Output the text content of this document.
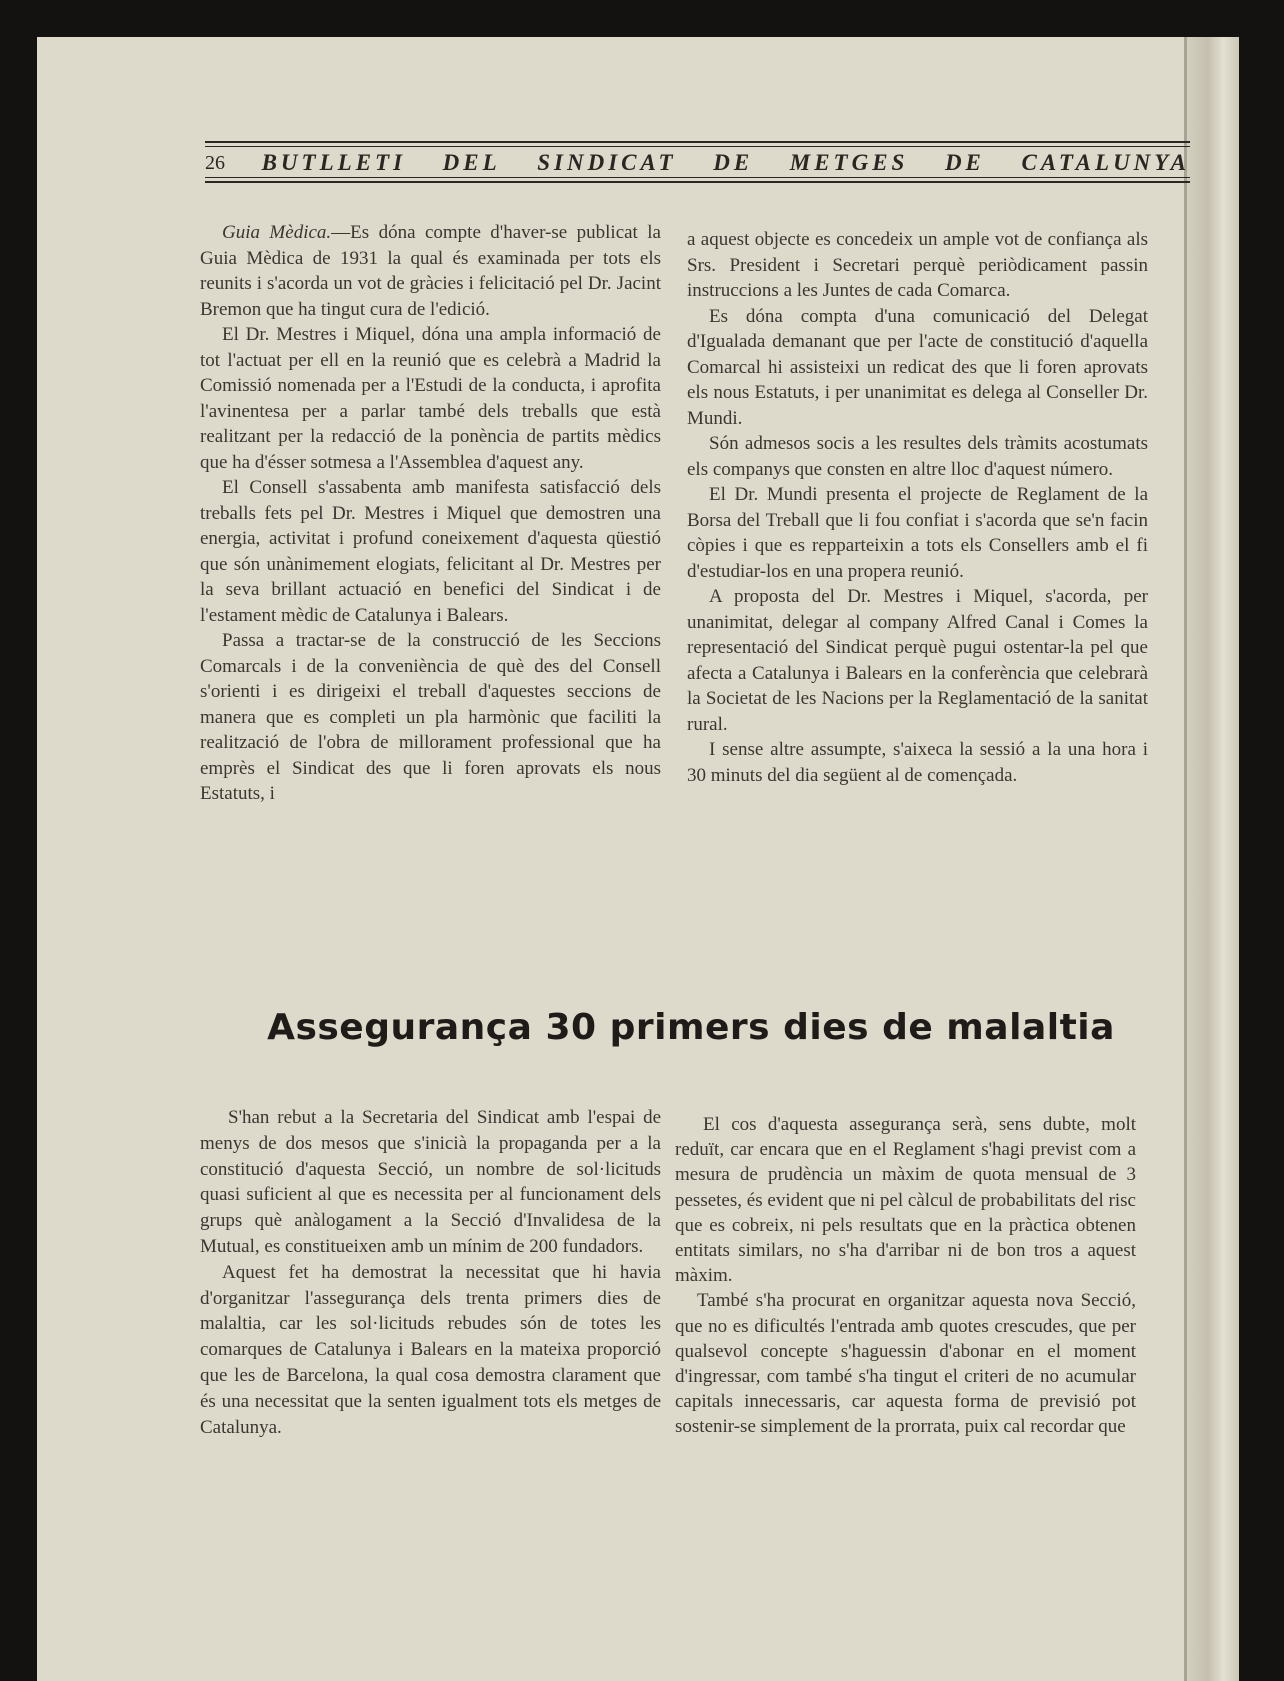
26 BUTLLETI DEL SINDICAT DE METGES DE CATALUNYA

Guia Mèdica.—Es dóna compte d'haver-se publicat la Guia Mèdica de 1931 la qual és examinada per tots els reunits i s'acorda un vot de gràcies i felicitació pel Dr. Jacint Bremon que ha tingut cura de l'edició.

El Dr. Mestres i Miquel, dóna una ampla informació de tot l'actuat per ell en la reunió que es celebrà a Madrid la Comissió nomenada per a l'Estudi de la conducta, i aprofita l'avinentesa per a parlar també dels treballs que està realitzant per la redacció de la ponència de partits mèdics que ha d'ésser sotmesa a l'Assemblea d'aquest any.

El Consell s'assabenta amb manifesta satisfacció dels treballs fets pel Dr. Mestres i Miquel que demostren una energia, activitat i profund coneixement d'aquesta qüestió que són unànimement elogiats, felicitant al Dr. Mestres per la seva brillant actuació en benefici del Sindicat i de l'estament mèdic de Catalunya i Balears.

Passa a tractar-se de la construcció de les Seccions Comarcals i de la conveniència de què des del Consell s'orienti i es dirigeixi el treball d'aquestes seccions de manera que es completi un pla harmònic que faciliti la realització de l'obra de millorament professional que ha emprès el Sindicat des que li foren aprovats els nous Estatuts, i

a aquest objecte es concedeix un ample vot de confiança als Srs. President i Secretari perquè periòdicament passin instruccions a les Juntes de cada Comarca.

Es dóna compta d'una comunicació del Delegat d'Igualada demanant que per l'acte de constitució d'aquella Comarcal hi assisteixi un redicat des que li foren aprovats els nous Estatuts, i per unanimitat es delega al Conseller Dr. Mundi.

Són admesos socis a les resultes dels tràmits acostumats els companys que consten en altre lloc d'aquest número.

El Dr. Mundi presenta el projecte de Reglament de la Borsa del Treball que li fou confiat i s'acorda que se'n facin còpies i que es repparteixin a tots els Consellers amb el fi d'estudiar-los en una propera reunió.

A proposta del Dr. Mestres i Miquel, s'acorda, per unanimitat, delegar al company Alfred Canal i Comes la representació del Sindicat perquè pugui ostentar-la pel que afecta a Catalunya i Balears en la conferència que celebrarà la Societat de les Nacions per la Reglamentació de la sanitat rural.

I sense altre assumpte, s'aixeca la sessió a la una hora i 30 minuts del dia següent al de començada.

Assegurança 30 primers dies de malaltia

S'han rebut a la Secretaria del Sindicat amb l'espai de menys de dos mesos que s'inicià la propaganda per a la constitució d'aquesta Secció, un nombre de sol·licituds quasi suficient al que es necessita per al funcionament dels grups què anàlogament a la Secció d'Invalidesa de la Mutual, es constitueixen amb un mínim de 200 fundadors.

Aquest fet ha demostrat la necessitat que hi havia d'organitzar l'assegurança dels trenta primers dies de malaltia, car les sol·licituds rebudes són de totes les comarques de Catalunya i Balears en la mateixa proporció que les de Barcelona, la qual cosa demostra clarament que és una necessitat que la senten igualment tots els metges de Catalunya.

El cos d'aquesta assegurança serà, sens dubte, molt reduït, car encara que en el Reglament s'hagi previst com a mesura de prudència un màxim de quota mensual de 3 pessetes, és evident que ni pel càlcul de probabilitats del risc que es cobreix, ni pels resultats que en la pràctica obtenen entitats similars, no s'ha d'arribar ni de bon tros a aquest màxim.

També s'ha procurat en organitzar aquesta nova Secció, que no es dificultés l'entrada amb quotes crescudes, que per qualsevol concepte s'haguessin d'abonar en el moment d'ingressar, com també s'ha tingut el criteri de no acumular capitals innecessaris, car aquesta forma de previsió pot sostenir-se simplement de la prorrata, puix cal recordar que
